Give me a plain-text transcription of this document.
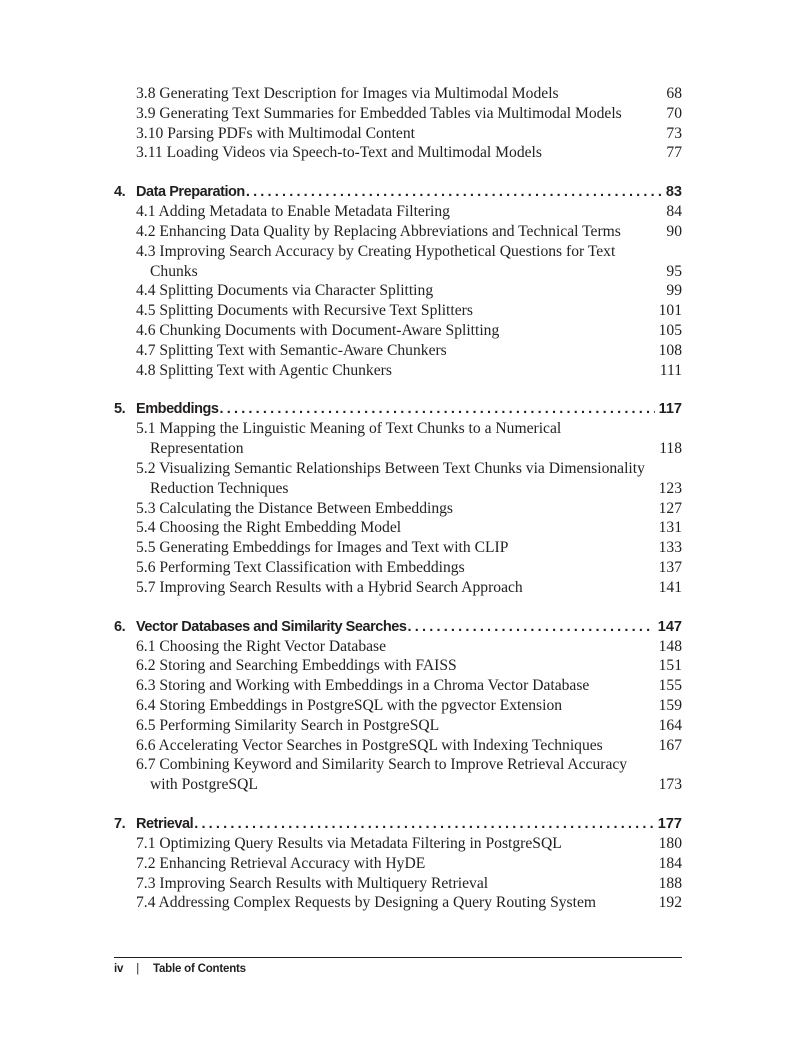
3.8 Generating Text Description for Images via Multimodal Models	68
3.9 Generating Text Summaries for Embedded Tables via Multimodal Models	70
3.10 Parsing PDFs with Multimodal Content	73
3.11 Loading Videos via Speech-to-Text and Multimodal Models	77
4. Data Preparation .....	83
4.1 Adding Metadata to Enable Metadata Filtering	84
4.2 Enhancing Data Quality by Replacing Abbreviations and Technical Terms	90
4.3 Improving Search Accuracy by Creating Hypothetical Questions for Text Chunks	95
4.4 Splitting Documents via Character Splitting	99
4.5 Splitting Documents with Recursive Text Splitters	101
4.6 Chunking Documents with Document-Aware Splitting	105
4.7 Splitting Text with Semantic-Aware Chunkers	108
4.8 Splitting Text with Agentic Chunkers	111
5. Embeddings .....	117
5.1 Mapping the Linguistic Meaning of Text Chunks to a Numerical Representation	118
5.2 Visualizing Semantic Relationships Between Text Chunks via Dimensionality Reduction Techniques	123
5.3 Calculating the Distance Between Embeddings	127
5.4 Choosing the Right Embedding Model	131
5.5 Generating Embeddings for Images and Text with CLIP	133
5.6 Performing Text Classification with Embeddings	137
5.7 Improving Search Results with a Hybrid Search Approach	141
6. Vector Databases and Similarity Searches .....	147
6.1 Choosing the Right Vector Database	148
6.2 Storing and Searching Embeddings with FAISS	151
6.3 Storing and Working with Embeddings in a Chroma Vector Database	155
6.4 Storing Embeddings in PostgreSQL with the pgvector Extension	159
6.5 Performing Similarity Search in PostgreSQL	164
6.6 Accelerating Vector Searches in PostgreSQL with Indexing Techniques	167
6.7 Combining Keyword and Similarity Search to Improve Retrieval Accuracy with PostgreSQL	173
7. Retrieval .....	177
7.1 Optimizing Query Results via Metadata Filtering in PostgreSQL	180
7.2 Enhancing Retrieval Accuracy with HyDE	184
7.3 Improving Search Results with Multiquery Retrieval	188
7.4 Addressing Complex Requests by Designing a Query Routing System	192
iv | Table of Contents
